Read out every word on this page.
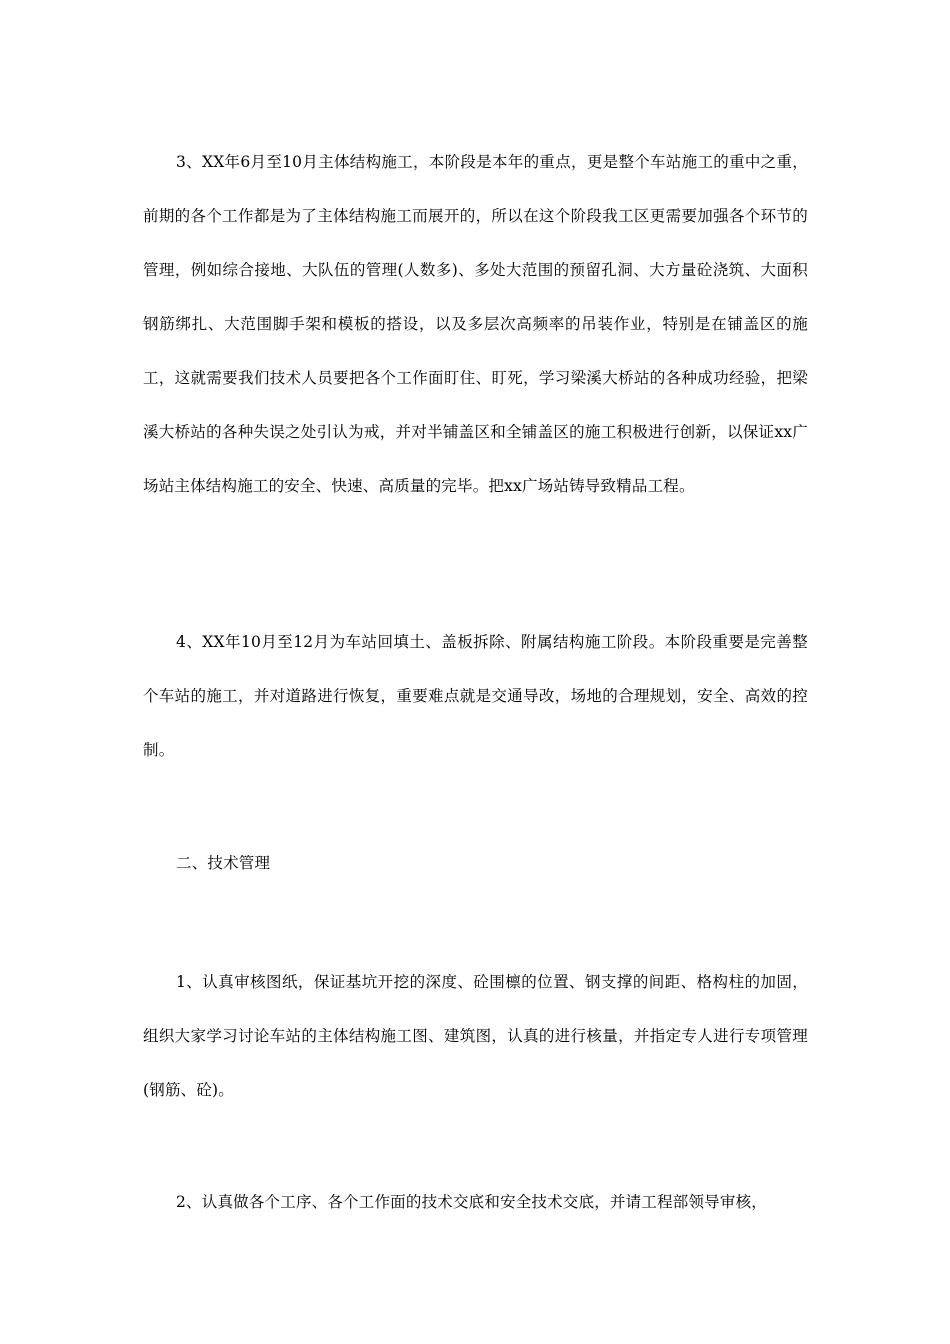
3、XX年6月至10月主体结构施工，本阶段是本年的重点，更是整个车站施工的重中之重，前期的各个工作都是为了主体结构施工而展开的，所以在这个阶段我工区更需要加强各个环节的管理，例如综合接地、大队伍的管理(人数多)、多处大范围的预留孔洞、大方量砼浇筑、大面积钢筋绑扎、大范围脚手架和模板的搭设，以及多层次高频率的吊装作业，特别是在铺盖区的施工，这就需要我们技术人员要把各个工作面盯住、盯死，学习梁溪大桥站的各种成功经验，把梁溪大桥站的各种失误之处引认为戒，并对半铺盖区和全铺盖区的施工积极进行创新，以保证xx广场站主体结构施工的安全、快速、高质量的完毕。把xx广场站铸导致精品工程。

4、XX年10月至12月为车站回填土、盖板拆除、附属结构施工阶段。本阶段重要是完善整个车站的施工，并对道路进行恢复，重要难点就是交通导改，场地的合理规划，安全、高效的控制。

二、技术管理

1、认真审核图纸，保证基坑开挖的深度、砼围檩的位置、钢支撑的间距、格构柱的加固，组织大家学习讨论车站的主体结构施工图、建筑图，认真的进行核量，并指定专人进行专项管理(钢筋、砼)。

2、认真做各个工序、各个工作面的技术交底和安全技术交底，并请工程部领导审核，
